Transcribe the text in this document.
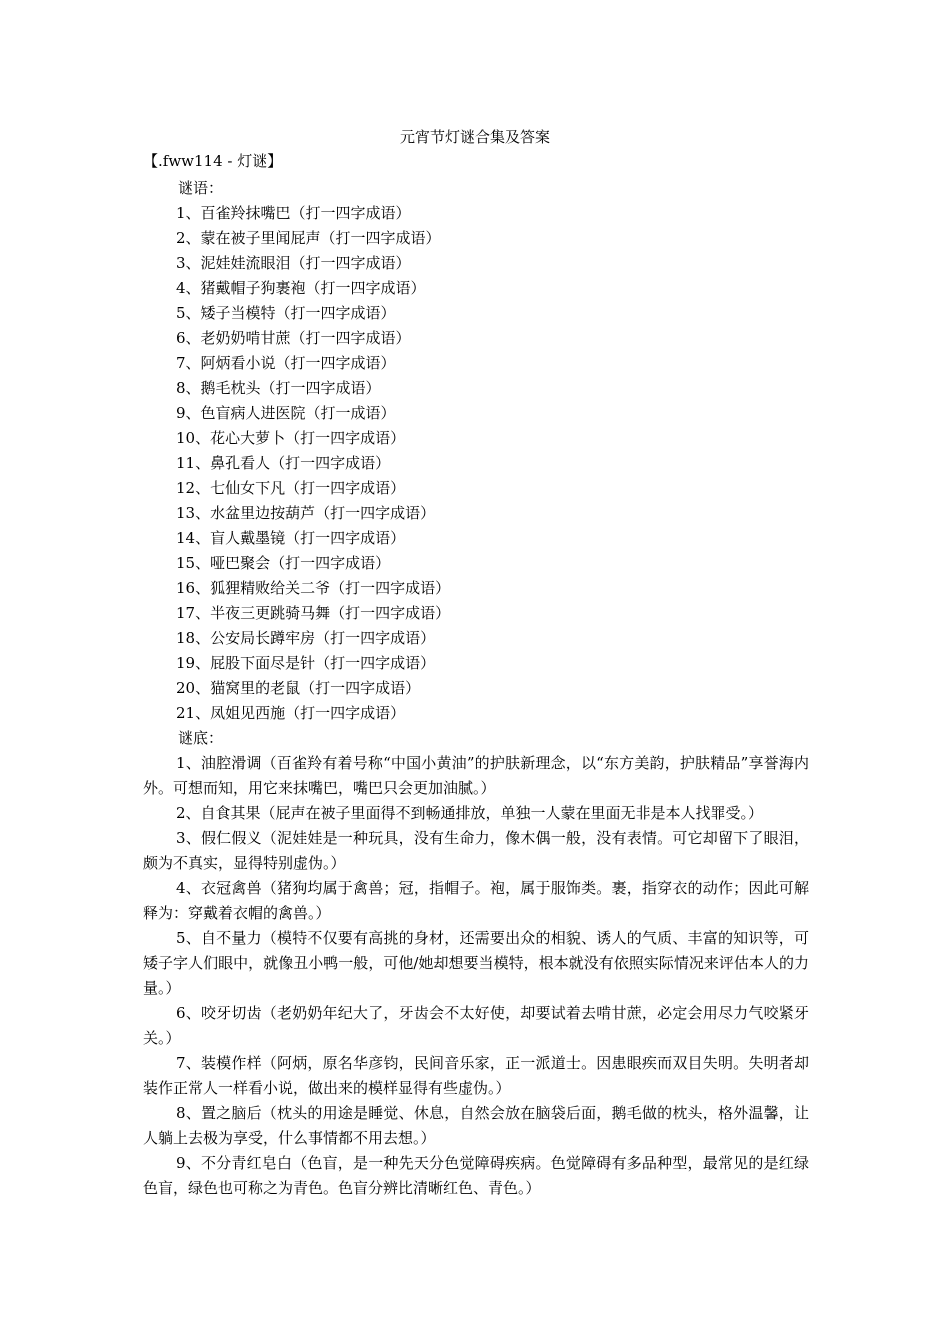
元宵节灯谜合集及答案
【.fww114 - 灯谜】
谜语：
1、百雀羚抹嘴巴（打一四字成语）
2、蒙在被子里闻屁声（打一四字成语）
3、泥娃娃流眼泪（打一四字成语）
4、猪戴帽子狗裹袍（打一四字成语）
5、矮子当模特（打一四字成语）
6、老奶奶啃甘蔗（打一四字成语）
7、阿炳看小说（打一四字成语）
8、鹅毛枕头（打一四字成语）
9、色盲病人进医院（打一成语）
10、花心大萝卜（打一四字成语）
11、鼻孔看人（打一四字成语）
12、七仙女下凡（打一四字成语）
13、水盆里边按葫芦（打一四字成语）
14、盲人戴墨镜（打一四字成语）
15、哑巴聚会（打一四字成语）
16、狐狸精败给关二爷（打一四字成语）
17、半夜三更跳骑马舞（打一四字成语）
18、公安局长蹲牢房（打一四字成语）
19、屁股下面尽是针（打一四字成语）
20、猫窝里的老鼠（打一四字成语）
21、凤姐见西施（打一四字成语）
谜底：

1、油腔滑调（百雀羚有着号称“中国小黄油”的护肤新理念，以“东方美韵，护肤精品”享誉海内外。可想而知，用它来抹嘴巴，嘴巴只会更加油腻。）

2、自食其果（屁声在被子里面得不到畅通排放，单独一人蒙在里面无非是本人找罪受。）

3、假仁假义（泥娃娃是一种玩具，没有生命力，像木偶一般，没有表情。可它却留下了眼泪，颇为不真实，显得特别虚伪。）

4、衣冠禽兽（猪狗均属于禽兽；冠，指帽子。袍，属于服饰类。裹，指穿衣的动作；因此可解释为：穿戴着衣帽的禽兽。）

5、自不量力（模特不仅要有高挑的身材，还需要出众的相貌、诱人的气质、丰富的知识等，可矮子字人们眼中，就像丑小鸭一般，可他/她却想要当模特，根本就没有依照实际情况来评估本人的力量。）

6、咬牙切齿（老奶奶年纪大了，牙齿会不太好使，却要试着去啃甘蔗，必定会用尽力气咬紧牙关。）

7、装模作样（阿炳，原名华彦钧，民间音乐家，正一派道士。因患眼疾而双目失明。失明者却装作正常人一样看小说，做出来的模样显得有些虚伪。）

8、置之脑后（枕头的用途是睡觉、休息，自然会放在脑袋后面，鹅毛做的枕头，格外温馨，让人躺上去极为享受，什么事情都不用去想。）

9、不分青红皂白（色盲，是一种先天分色觉障碍疾病。色觉障碍有多品种型，最常见的是红绿色盲，绿色也可称之为青色。色盲分辨比清晰红色、青色。）
